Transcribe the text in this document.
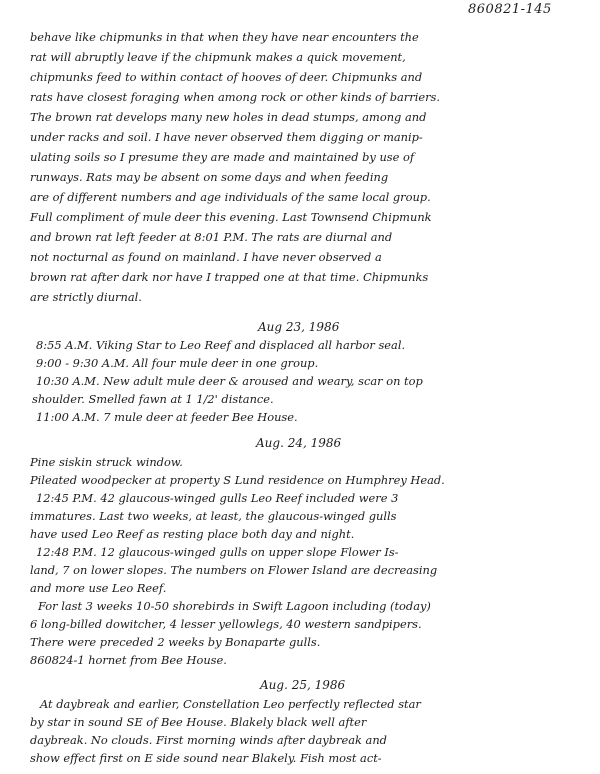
860821-145
behave like chipmunks in that when they have near encounters the
rat will abruptly leave if the chipmunk makes a quick movement,
chipmunks feed to within contact of hooves of deer. Chipmunks and
rats have closest foraging when among rock or other kinds of barriers.
The brown rat develops many new holes in dead stumps, among and
under racks and soil. I have never observed them digging or manip-
ulating soils so I presume they are made and maintained by use of
runways. Rats may be absent on some days and when feeding
are of different numbers and age individuals of the same local group.
Full compliment of mule deer this evening. Last Townsend Chipmunk
and brown rat left feeder at 8:01 P.M. The rats are diurnal and
not nocturnal as found on mainland. I have never observed a
brown rat after dark nor have I trapped one at that time. Chipmunks
are strictly diurnal.
Aug 23, 1986
8:55 A.M. Viking Star to Leo Reef and displaced all harbor seal.
9:00 - 9:30 A.M. All four mule deer in one group.
10:30 A.M. New adult mule deer & aroused and weary, scar on top
shoulder. Smelled fawn at 1 1/2' distance.
11:00 A.M. 7 mule deer at feeder Bee House.
Aug. 24, 1986
Pine siskin struck window.
Pileated woodpecker at property S Lund residence on Humphrey Head.
12:45 P.M. 42 glaucous-winged gulls Leo Reef included were 3
immatures. Last two weeks, at least, the glaucous-winged gulls
have used Leo Reef as resting place both day and night.
12:48 P.M. 12 glaucous-winged gulls on upper slope Flower Is-
land, 7 on lower slopes. The numbers on Flower Island are decreasing
and more use Leo Reef.
For last 3 weeks 10-50 shorebirds in Swift Lagoon including (today)
6 long-billed dowitcher, 4 lesser yellowlegs, 40 western sandpipers.
There were preceded 2 weeks by Bonaparte gulls.
860824-1 hornet from Bee House.
Aug. 25, 1986
At daybreak and earlier, Constellation Leo perfectly reflected star
by star in sound SE of Bee House. Blakely black well after
daybreak. No clouds. First morning winds after daybreak and
show effect first on E side sound near Blakely. Fish most act-
